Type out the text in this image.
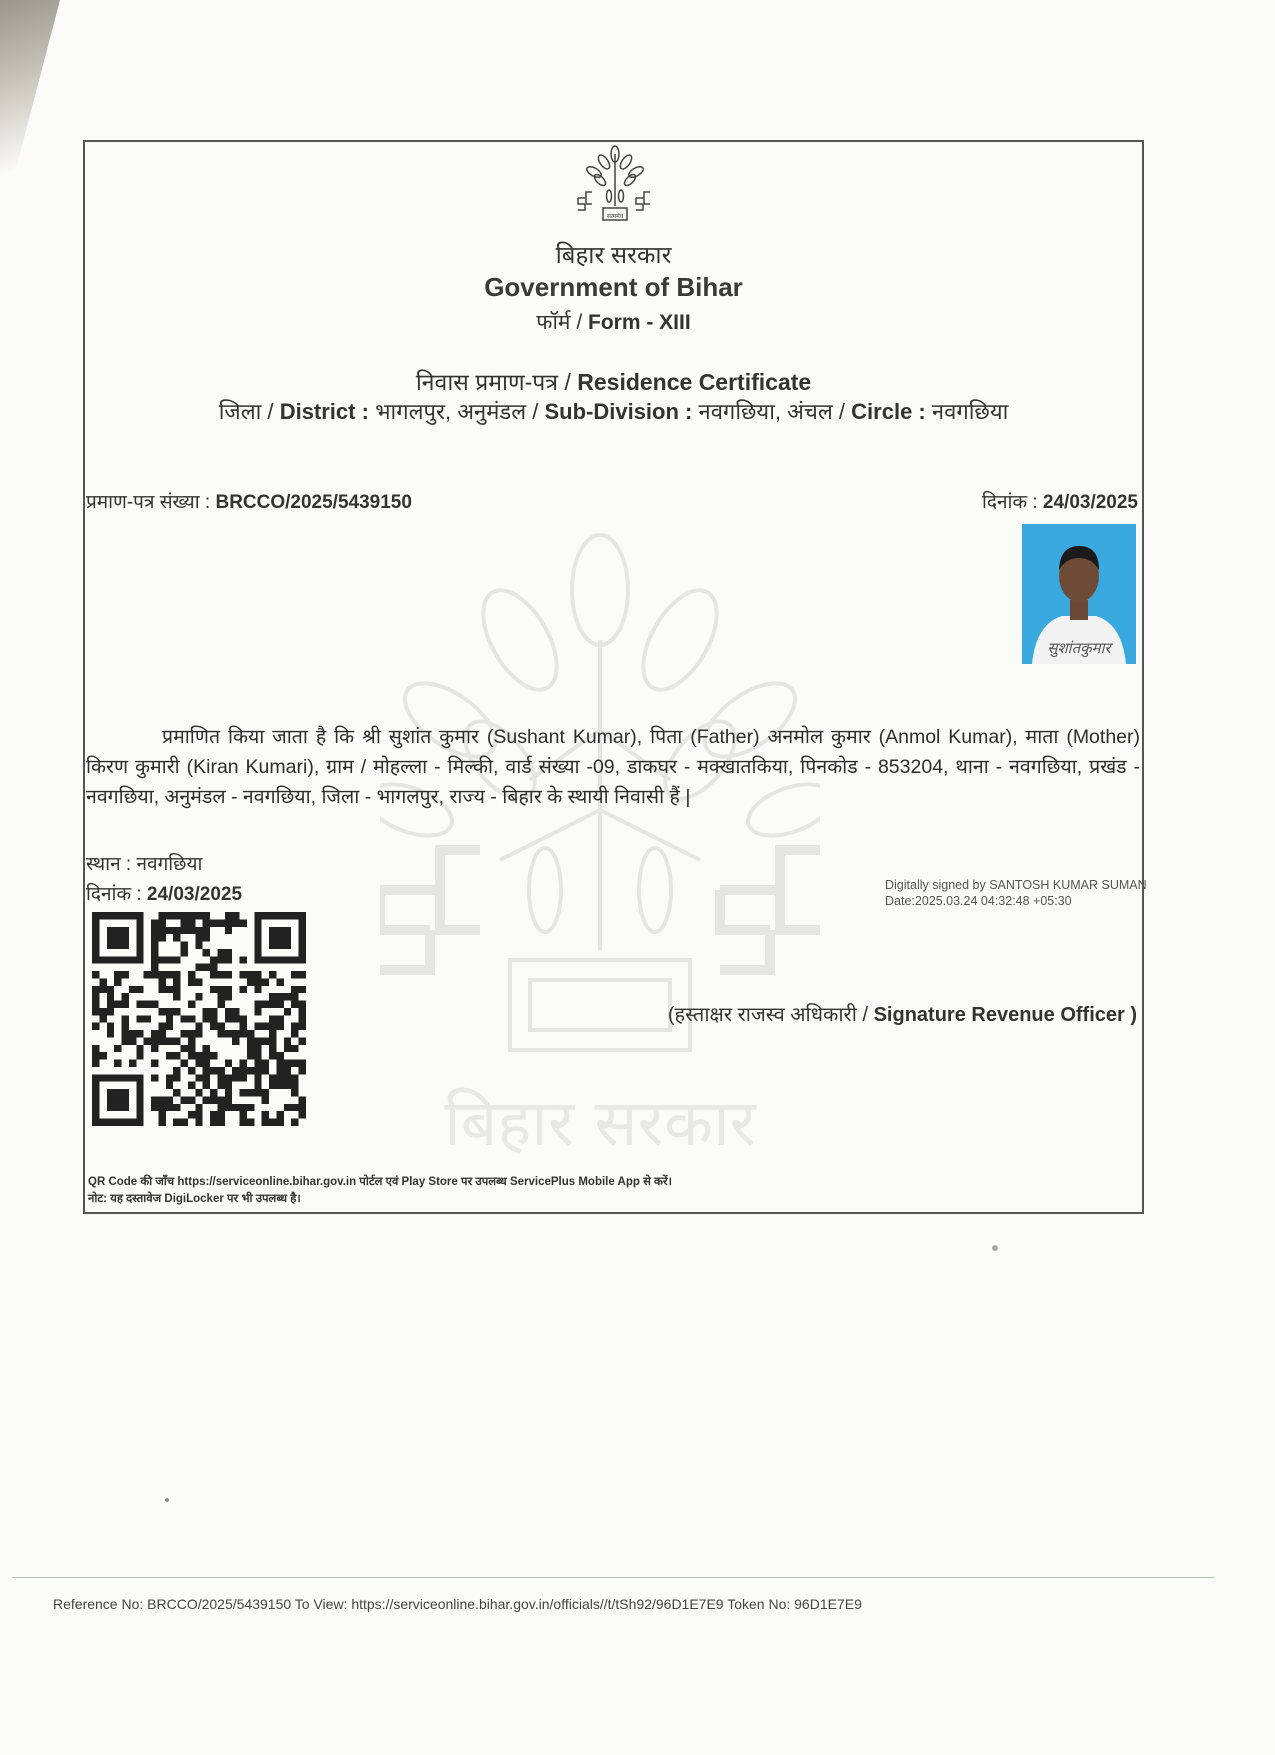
बिहार सरकार
सत्यमेव
बिहार सरकार
Government of Bihar
फॉर्म / Form - XIII
निवास प्रमाण-पत्र / Residence Certificate
जिला / District : भागलपुर, अनुमंडल / Sub-Division : नवगछिया, अंचल / Circle : नवगछिया
प्रमाण-पत्र संख्या : BRCCO/2025/5439150	दिनांक : 24/03/2025
सुशांतकुमार
प्रमाणित किया जाता है कि श्री सुशांत कुमार (Sushant Kumar), पिता (Father) अनमोल कुमार (Anmol Kumar), माता (Mother) किरण कुमारी (Kiran Kumari), ग्राम / मोहल्ला - मिल्की, वार्ड संख्या -09, डाकघर - मक्खातकिया, पिनकोड - 853204, थाना - नवगछिया, प्रखंड - नवगछिया, अनुमंडल - नवगछिया, जिला - भागलपुर, राज्य - बिहार के स्थायी निवासी हैं |
स्थान : नवगछिया
दिनांक : 24/03/2025	Digitally signed by SANTOSH KUMAR SUMAN
Date:2025.03.24 04:32:48 +05:30
(हस्ताक्षर राजस्व अधिकारी / Signature Revenue Officer )
QR Code की जाँच https://serviceonline.bihar.gov.in पोर्टल एवं Play Store पर उपलब्ध ServicePlus Mobile App से करें।
नोट: यह दस्तावेज DigiLocker पर भी उपलब्ध है।
Reference No: BRCCO/2025/5439150 To View: https://serviceonline.bihar.gov.in/officials//t/tSh92/96D1E7E9 Token No: 96D1E7E9
